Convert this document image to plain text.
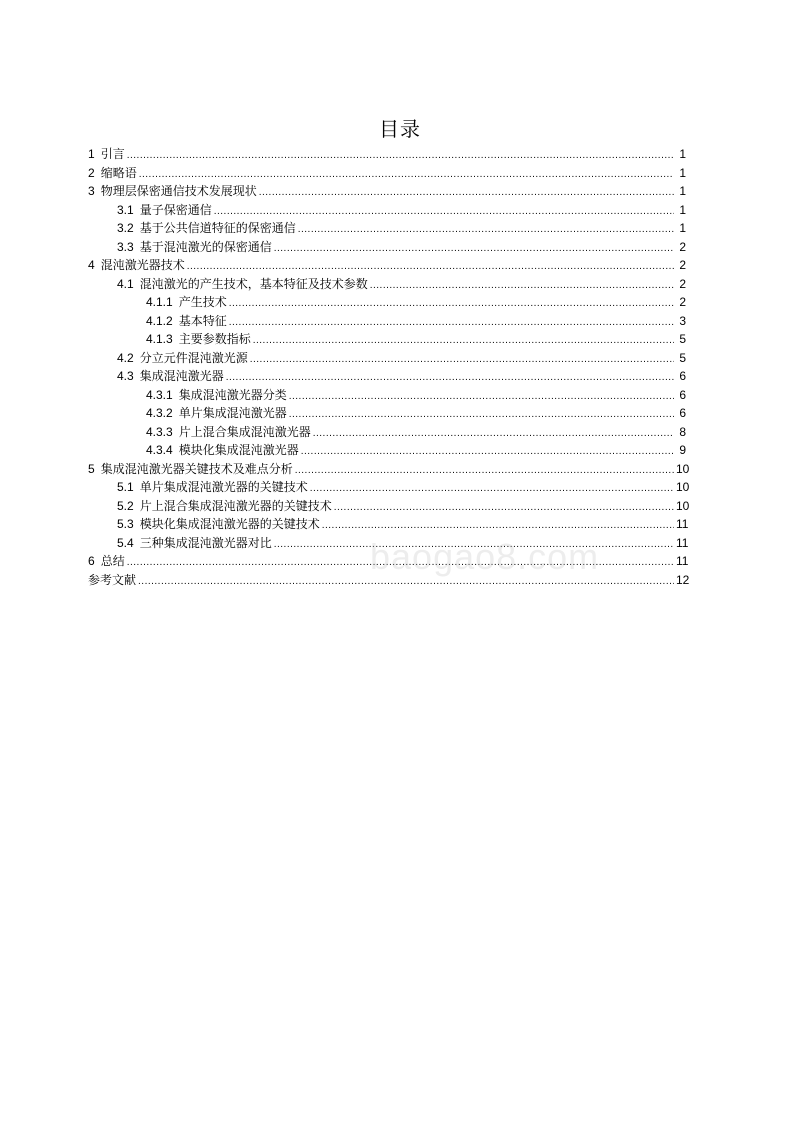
目录
1 引言 .....	1
2 缩略语 .....	1
3 物理层保密通信技术发展现状 .....	1
3.1 量子保密通信 .....	1
3.2 基于公共信道特征的保密通信 .....	1
3.3 基于混沌激光的保密通信 .....	2
4 混沌激光器技术 .....	2
4.1 混沌激光的产生技术，基本特征及技术参数 .....	2
4.1.1 产生技术 .....	2
4.1.2 基本特征 .....	3
4.1.3 主要参数指标 .....	5
4.2 分立元件混沌激光源 .....	5
4.3 集成混沌激光器 .....	6
4.3.1 集成混沌激光器分类 .....	6
4.3.2 单片集成混沌激光器 .....	6
4.3.3 片上混合集成混沌激光器 .....	8
4.3.4 模块化集成混沌激光器 .....	9
5 集成混沌激光器关键技术及难点分析 .....	10
5.1 单片集成混沌激光器的关键技术 .....	10
5.2 片上混合集成混沌激光器的关键技术 .....	10
5.3 模块化集成混沌激光器的关键技术 .....	11
5.4 三种集成混沌激光器对比 .....	11
6 总结 .....	11
参考文献 .....	12
baogao8.com
